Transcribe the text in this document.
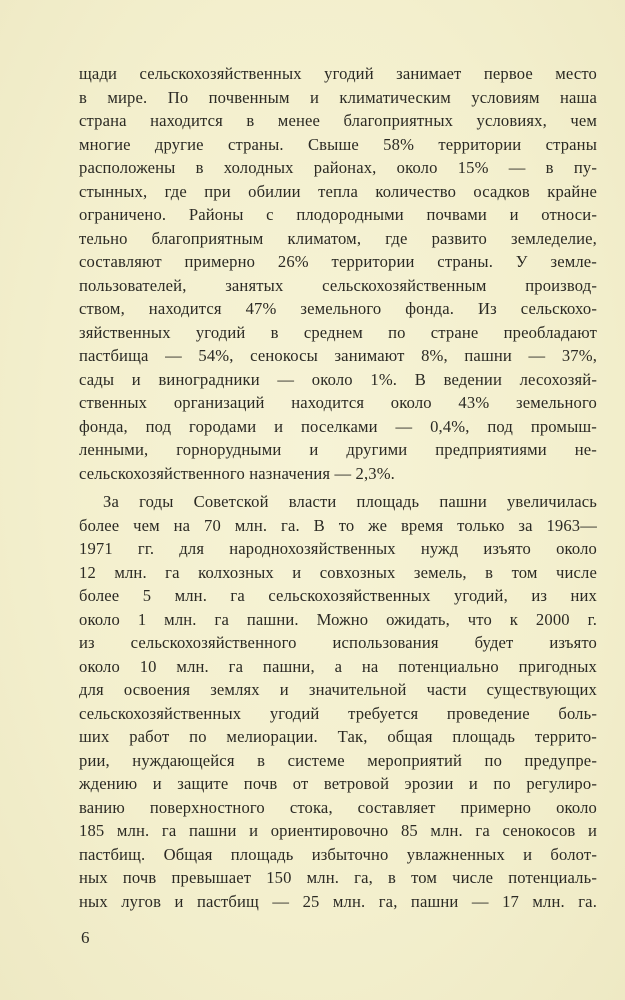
щади сельскохозяйственных угодий занимает первое место
в мире. По почвенным и климатическим условиям наша
страна находится в менее благоприятных условиях, чем
многие другие страны. Свыше 58% территории страны
расположены в холодных районах, около 15% — в пу-
стынных, где при обилии тепла количество осадков крайне
ограничено. Районы с плодородными почвами и относи-
тельно благоприятным климатом, где развито земледелие,
составляют примерно 26% территории страны. У земле-
пользователей, занятых сельскохозяйственным производ-
ством, находится 47% земельного фонда. Из сельскохо-
зяйственных угодий в среднем по стране преобладают
пастбища — 54%, сенокосы занимают 8%, пашни — 37%,
сады и виноградники — около 1%. В ведении лесохозяй-
ственных организаций находится около 43% земельного
фонда, под городами и поселками — 0,4%, под промыш-
ленными, горнорудными и другими предприятиями не-
сельскохозяйственного назначения — 2,3%.
За годы Советской власти площадь пашни увеличилась
более чем на 70 млн. га. В то же время только за 1963—
1971 гг. для народнохозяйственных нужд изъято около
12 млн. га колхозных и совхозных земель, в том числе
более 5 млн. га сельскохозяйственных угодий, из них
около 1 млн. га пашни. Можно ожидать, что к 2000 г.
из сельскохозяйственного использования будет изъято
около 10 млн. га пашни, а на потенциально пригодных
для освоения землях и значительной части существующих
сельскохозяйственных угодий требуется проведение боль-
ших работ по мелиорации. Так, общая площадь террито-
рии, нуждающейся в системе мероприятий по предупре-
ждению и защите почв от ветровой эрозии и по регулиро-
ванию поверхностного стока, составляет примерно около
185 млн. га пашни и ориентировочно 85 млн. га сенокосов и
пастбищ. Общая площадь избыточно увлажненных и болот-
ных почв превышает 150 млн. га, в том числе потенциаль-
ных лугов и пастбищ — 25 млн. га, пашни — 17 млн. га.
6
